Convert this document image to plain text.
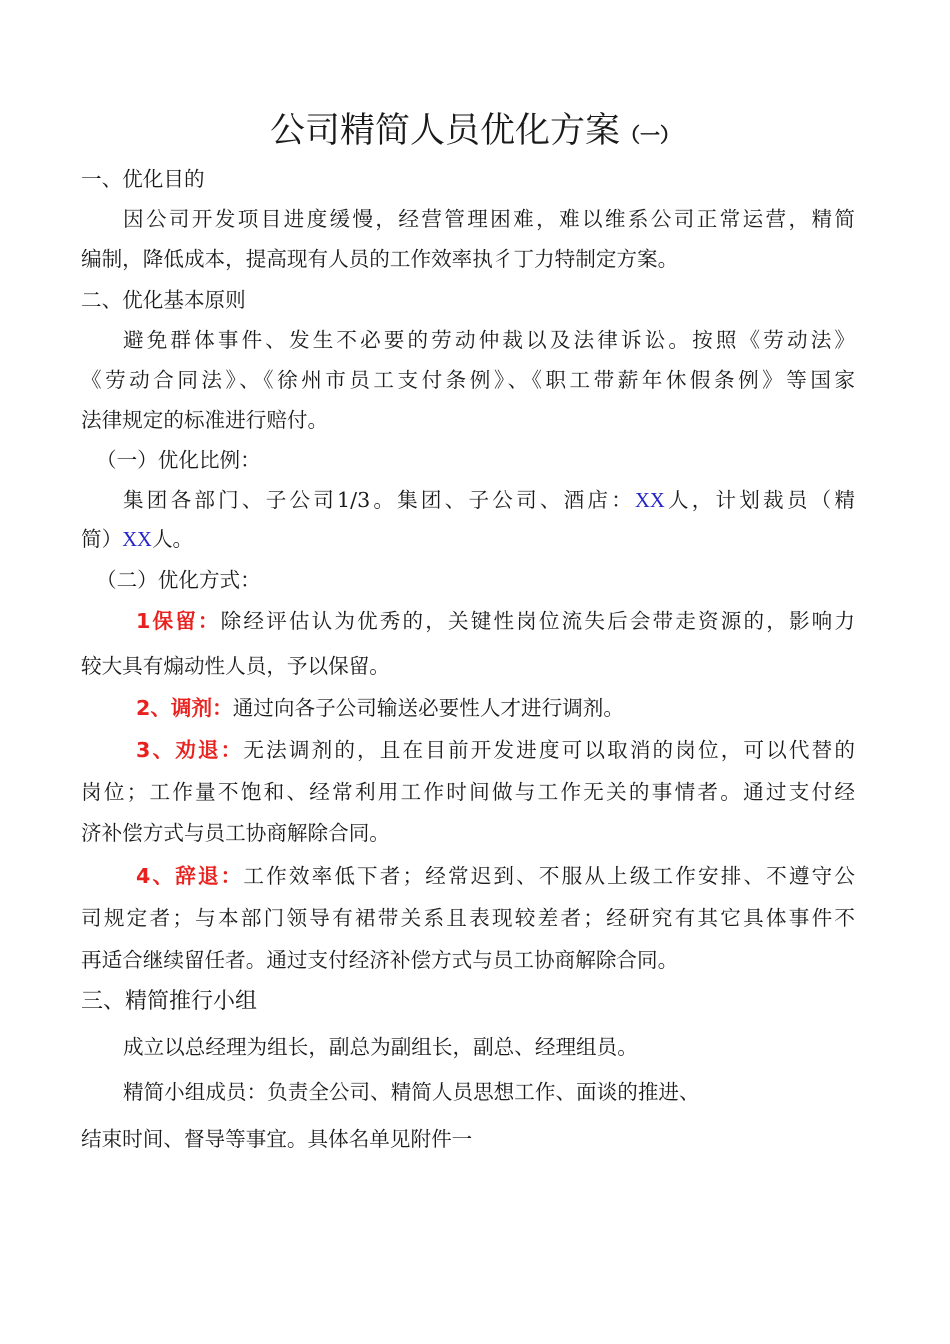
公司精简人员优化方案（一）
一、优化目的
因公司开发项目进度缓慢，经营管理困难，难以维系公司正常运营，精简
编制，降低成本，提高现有人员的工作效率执彳丁力特制定方案。
二、优化基本原则
避免群体事件、发生不必要的劳动仲裁以及法律诉讼。按照《劳动法》
《劳动合同法》、《徐州市员工支付条例》、《职工带薪年休假条例》等国家
法律规定的标准进行赔付。
（一）优化比例：
集团各部门、子公司1/3。集团、子公司、酒店：XX人，计划裁员（精
简）XX人。
（二）优化方式：
1保留：除经评估认为优秀的，关键性岗位流失后会带走资源的，影响力
较大具有煽动性人员，予以保留。
2、调剂：通过向各子公司输送必要性人才进行调剂。
3、劝退：无法调剂的，且在目前开发进度可以取消的岗位，可以代替的
岗位；工作量不饱和、经常利用工作时间做与工作无关的事情者。通过支付经
济补偿方式与员工协商解除合同。
4、辞退：工作效率低下者；经常迟到、不服从上级工作安排、不遵守公
司规定者；与本部门领导有裙带关系且表现较差者；经研究有其它具体事件不
再适合继续留任者。通过支付经济补偿方式与员工协商解除合同。
三、精简推行小组
成立以总经理为组长，副总为副组长，副总、经理组员。
精简小组成员：负责全公司、精简人员思想工作、面谈的推进、
结束时间、督导等事宜。具体名单见附件一
